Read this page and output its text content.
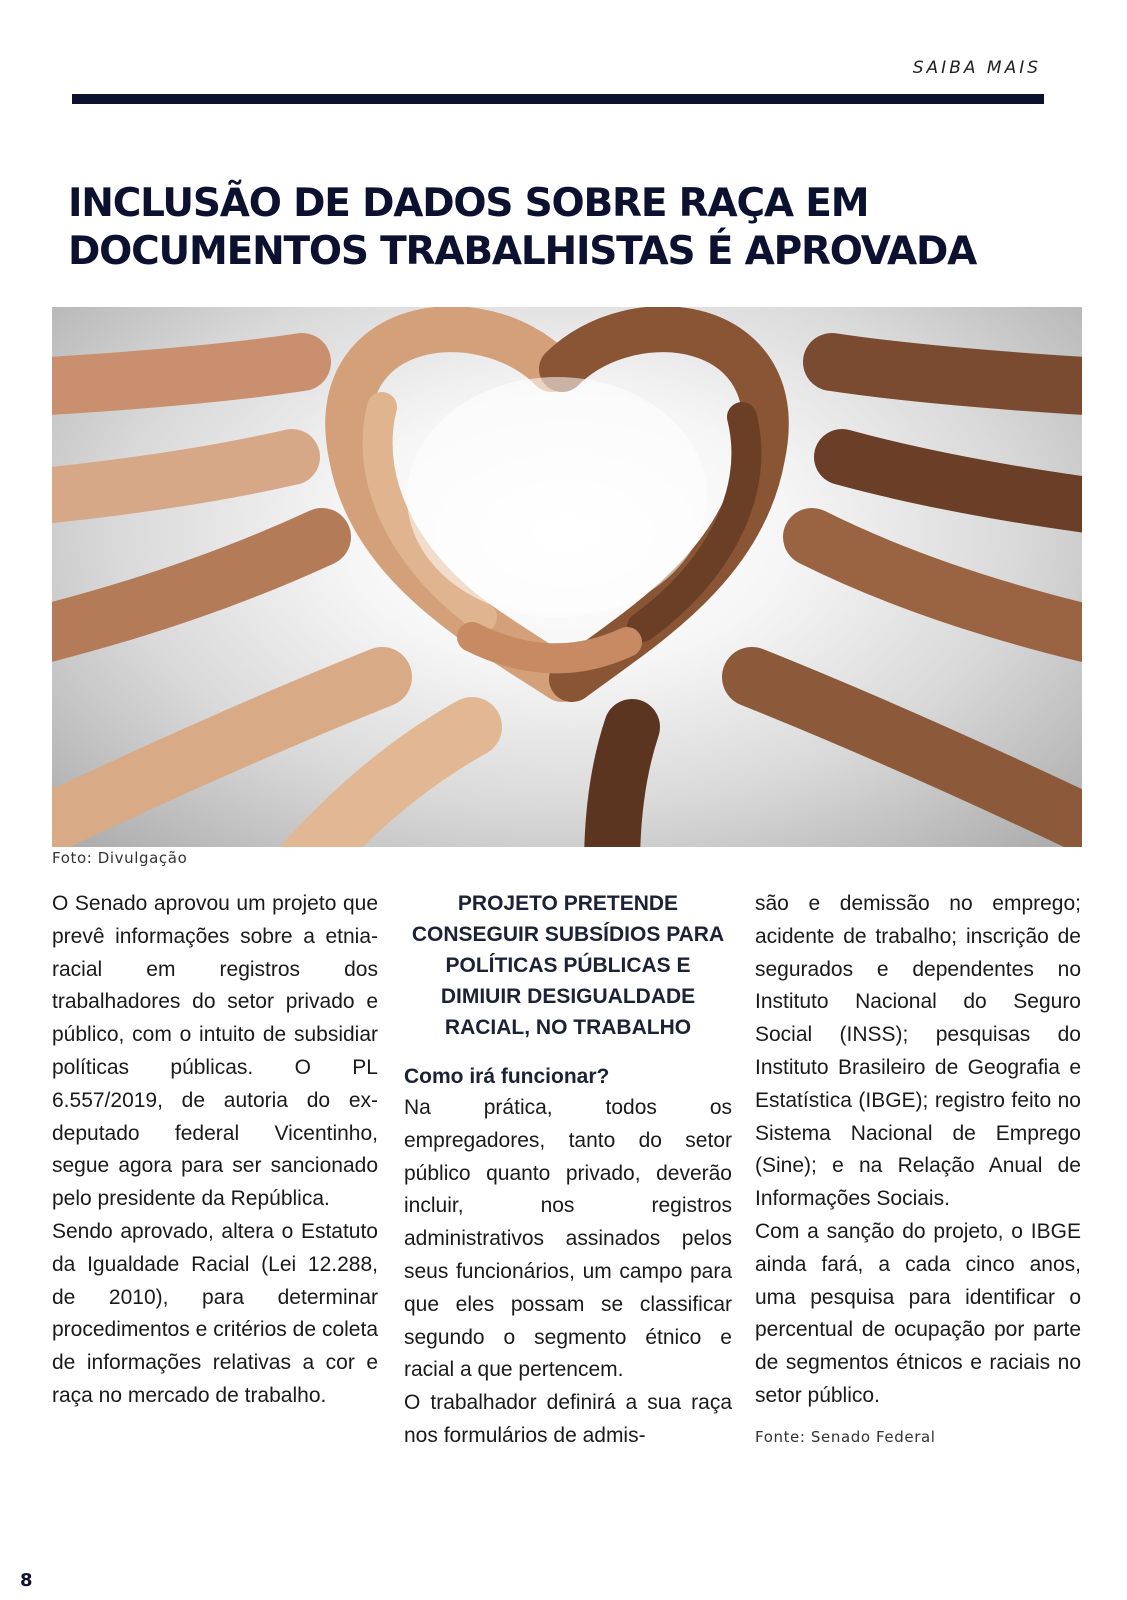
SAIBA MAIS
INCLUSÃO DE DADOS SOBRE RAÇA EM
DOCUMENTOS TRABALHISTAS É APROVADA
Foto: Divulgação

O Senado aprovou um projeto que prevê informações sobre a etnia-racial em registros dos trabalhadores do setor privado e público, com o intuito de subsidiar políticas públicas. O PL 6.557/2019, de autoria do ex-deputado federal Vicentinho, segue agora para ser sancionado pelo presidente da República.

Sendo aprovado, altera o Estatuto da Igualdade Racial (Lei 12.288, de 2010), para determinar procedimentos e critérios de coleta de informações relativas a cor e raça no mercado de trabalho.

PROJETO PRETENDE CONSEGUIR SUBSÍDIOS PARA POLÍTICAS PÚBLICAS E DIMIUIR DESIGUALDADE RACIAL, NO TRABALHO
Como irá funcionar?

Na prática, todos os empregadores, tanto do setor público quanto privado, deverão incluir, nos registros administrativos assinados pelos seus funcionários, um campo para que eles possam se classificar segundo o segmento étnico e racial a que pertencem.

O trabalhador definirá a sua raça nos formulários de admis-

são e demissão no emprego; acidente de trabalho; inscrição de segurados e dependentes no Instituto Nacional do Seguro Social (INSS); pesquisas do Instituto Brasileiro de Geografia e Estatística (IBGE); registro feito no Sistema Nacional de Emprego (Sine); e na Relação Anual de Informações Sociais.

Com a sanção do projeto, o IBGE ainda fará, a cada cinco anos, uma pesquisa para identificar o percentual de ocupação por parte de segmentos étnicos e raciais no setor público.

Fonte: Senado Federal
8
